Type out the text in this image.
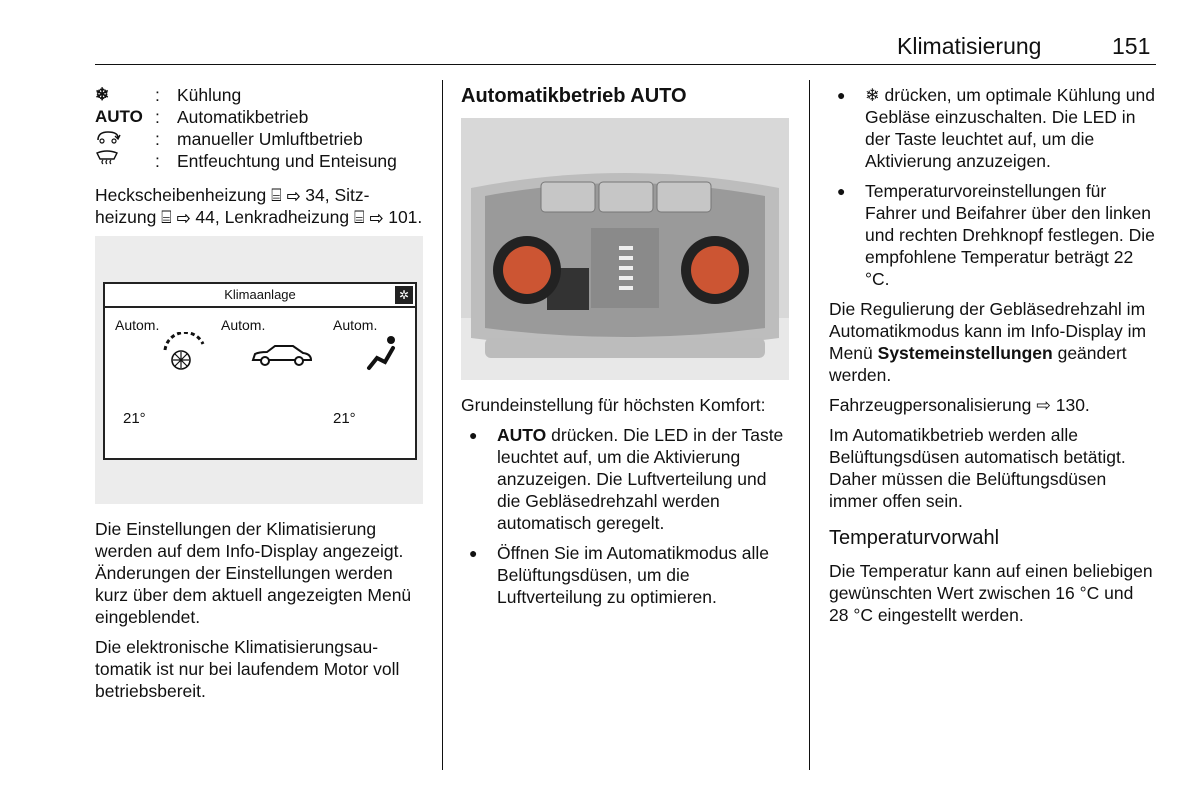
Klimatisierung	151
❄	: Kühlung
AUTO : Automatikbetrieb
: manueller Umluftbetrieb
: Entfeuchtung und Enteisung

Heckscheibenheizung ⌸ ⇨ 34, Sitzheizung ⌸ ⇨ 44, Lenkradheizung ⌸ ⇨ 101.

Klimaanlage	✲
Autom.	Autom.	Autom.
21°	21°

Die Einstellungen der Klimatisierung werden auf dem Info-Display angezeigt. Änderungen der Einstellungen werden kurz über dem aktuell angezeigten Menü eingeblendet.

Die elektronische Klimatisierungsautomatik ist nur bei laufendem Motor voll betriebsbereit.

Automatikbetrieb AUTO
16	28
AUTO
16	28

Grundeinstellung für höchsten Komfort:

● AUTO drücken. Die LED in der Taste leuchtet auf, um die Aktivierung anzuzeigen. Die Luftverteilung und die Gebläsedrehzahl werden automatisch geregelt.
● Öffnen Sie im Automatikmodus alle Belüftungsdüsen, um die Luftverteilung zu optimieren.
● ❄ drücken, um optimale Kühlung und Gebläse einzuschalten. Die LED in der Taste leuchtet auf, um die Aktivierung anzuzeigen.
● Temperaturvoreinstellungen für Fahrer und Beifahrer über den linken und rechten Drehknopf festlegen. Die empfohlene Temperatur beträgt 22 °C.

Die Regulierung der Gebläsedrehzahl im Automatikmodus kann im Info-Display im Menü Systemeinstellungen geändert werden.

Fahrzeugpersonalisierung ⇨ 130.

Im Automatikbetrieb werden alle Belüftungsdüsen automatisch betätigt. Daher müssen die Belüftungsdüsen immer offen sein.

Temperaturvorwahl

Die Temperatur kann auf einen beliebigen gewünschten Wert zwischen 16 °C und 28 °C eingestellt werden.
